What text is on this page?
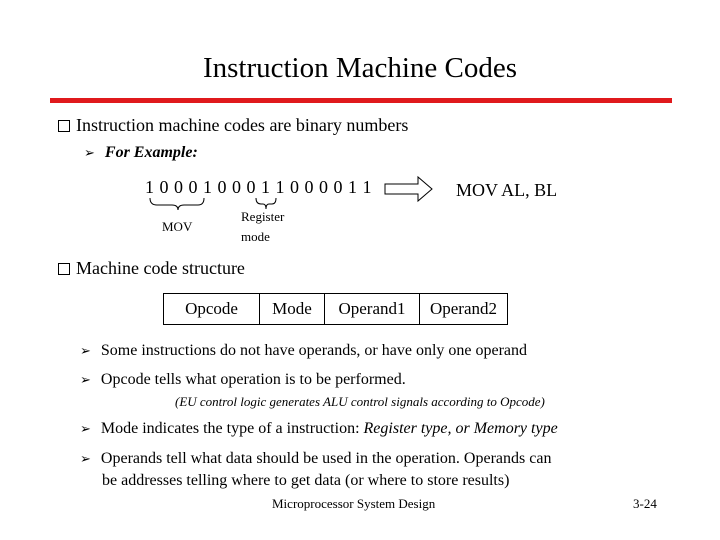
Instruction Machine Codes
Instruction machine codes are binary numbers
➢ For Example:
1 0 0 0 1 0 0 0 1 1 0 0 0 0 1 1	MOV AL, BL
MOV
Register
mode
Machine code structure
Opcode	Mode	Operand1	Operand2
➢ Some instructions do not have operands, or have only one operand
➢ Opcode tells what operation is to be performed.
(EU control logic generates ALU control signals according to Opcode)
➢ Mode indicates the type of a instruction: Register type, or Memory type
➢ Operands tell what data should be used in the operation. Operands can
be addresses telling where to get data (or where to store results)
Microprocessor System Design	3-24
